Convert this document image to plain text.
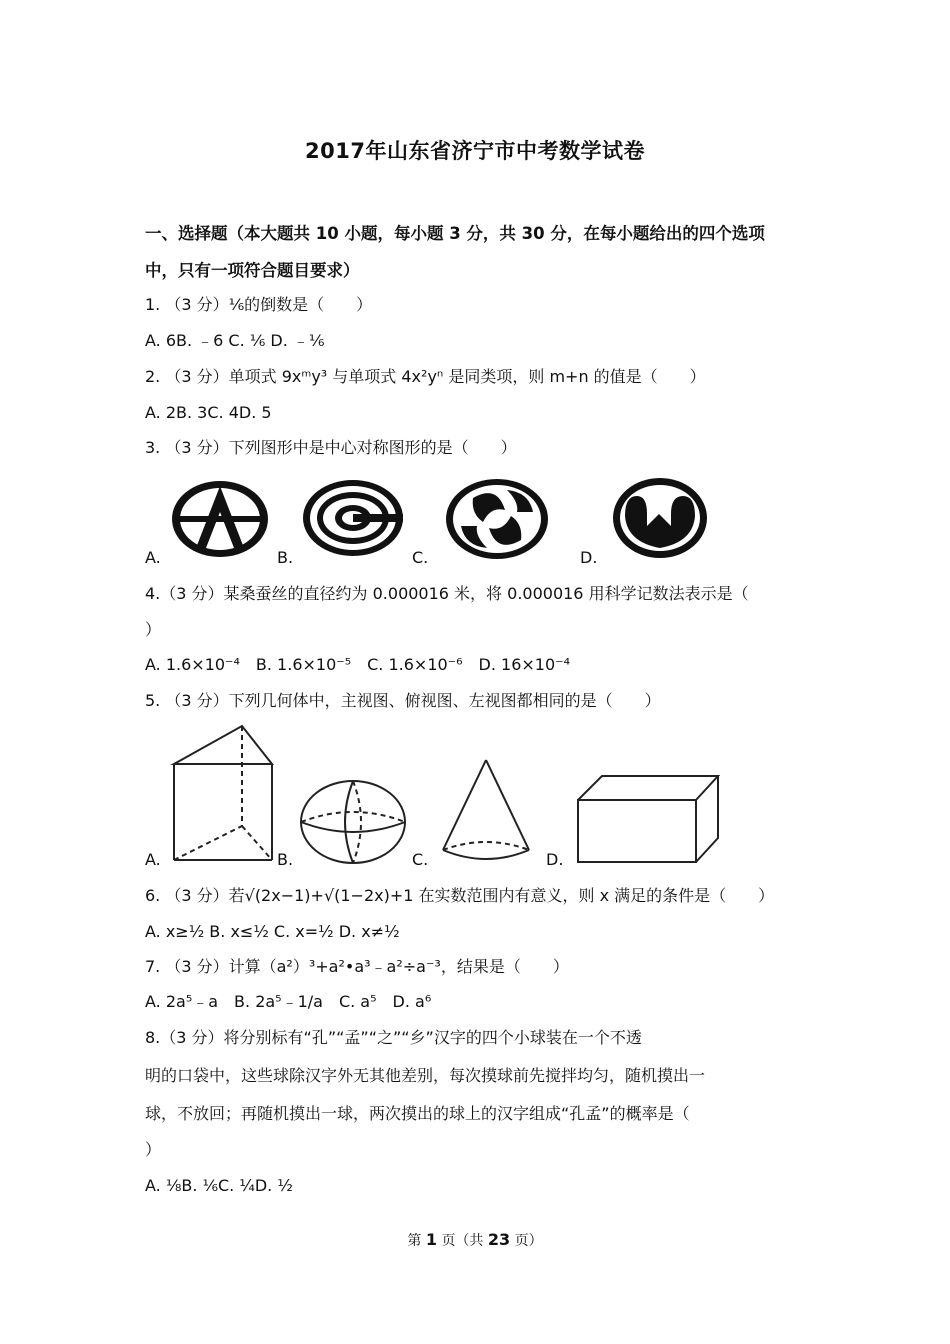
2017年山东省济宁市中考数学试卷
一、选择题（本大题共 10 小题，每小题 3 分，共 30 分，在每小题给出的四个选项
中，只有一项符合题目要求）
1. （3 分）⅙的倒数是（　　）
A. 6B. ﹣6 C. ⅙ D. ﹣⅙
2. （3 分）单项式 9xᵐy³ 与单项式 4x²yⁿ 是同类项，则 m+n 的值是（　　）
A. 2B. 3C. 4D. 5
3. （3 分）下列图形中是中心对称图形的是（　　）
A.	B.	C.	D.
4.（3 分）某桑蚕丝的直径约为 0.000016 米，将 0.000016 用科学记数法表示是（
）
A. 1.6×10⁻⁴　B. 1.6×10⁻⁵　C. 1.6×10⁻⁶　D. 16×10⁻⁴
5. （3 分）下列几何体中，主视图、俯视图、左视图都相同的是（　　）
A.	B.	C.	D.
6. （3 分）若√(2x−1)+√(1−2x)+1 在实数范围内有意义，则 x 满足的条件是（　　）
A. x≥½ B. x≤½ C. x=½ D. x≠½
7. （3 分）计算（a²）³+a²•a³﹣a²÷a⁻³，结果是（　　）
A. 2a⁵﹣a　B. 2a⁵﹣1/a　C. a⁵　D. a⁶
8.（3 分）将分别标有“孔”“孟”“之”“乡”汉字的四个小球装在一个不透
明的口袋中，这些球除汉字外无其他差别，每次摸球前先搅拌均匀，随机摸出一
球，不放回；再随机摸出一球，两次摸出的球上的汉字组成“孔孟”的概率是（
）
A. ⅛B. ⅙C. ¼D. ½
第 1 页（共 23 页）
